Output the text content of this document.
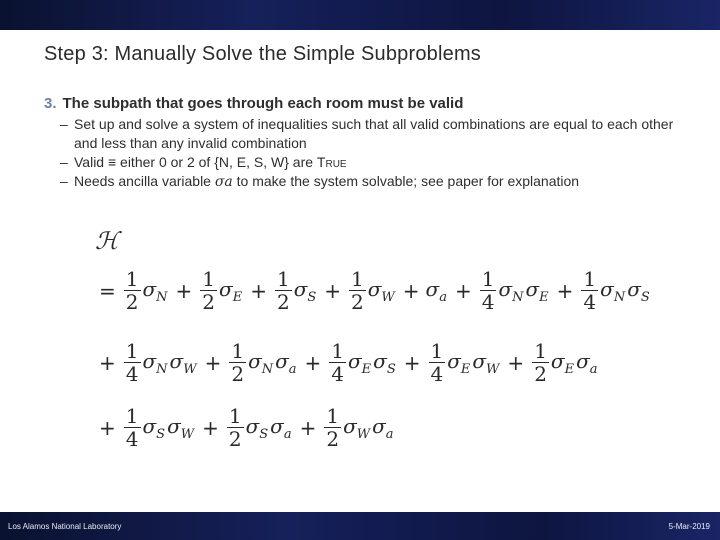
Step 3: Manually Solve the Simple Subproblems
3. The subpath that goes through each room must be valid
– Set up and solve a system of inequalities such that all valid combinations are equal to each other and less than any invalid combination
– Valid ≡ either 0 or 2 of {N, E, S, W} are True
– Needs ancilla variable σa to make the system solvable; see paper for explanation
ℋ
= $\frac{1}{2} \sigma_N + \frac{1}{2} \sigma_E + \frac{1}{2} \sigma_S + \frac{1}{2} \sigma_W + \sigma_a + \frac{1}{4} \sigma_N$ $\sigma_E + \frac{1}{4} \sigma_N$ $\sigma_S$
+ $\frac{1}{4} \sigma_N$ $\sigma_W + \frac{1}{2} \sigma_N$ $\sigma_a + \frac{1}{4} \sigma_E$ $\sigma_S + \frac{1}{4} \sigma_E$ $\sigma_W + \frac{1}{2} \sigma_E$ $\sigma_a$
+ $\frac{1}{4} \sigma_S$ $\sigma_W + \frac{1}{2} \sigma_S$ $\sigma_a + \frac{1}{2} \sigma_W$ $\sigma_a$
Los Alamos National Laboratory	5-Mar-2019
